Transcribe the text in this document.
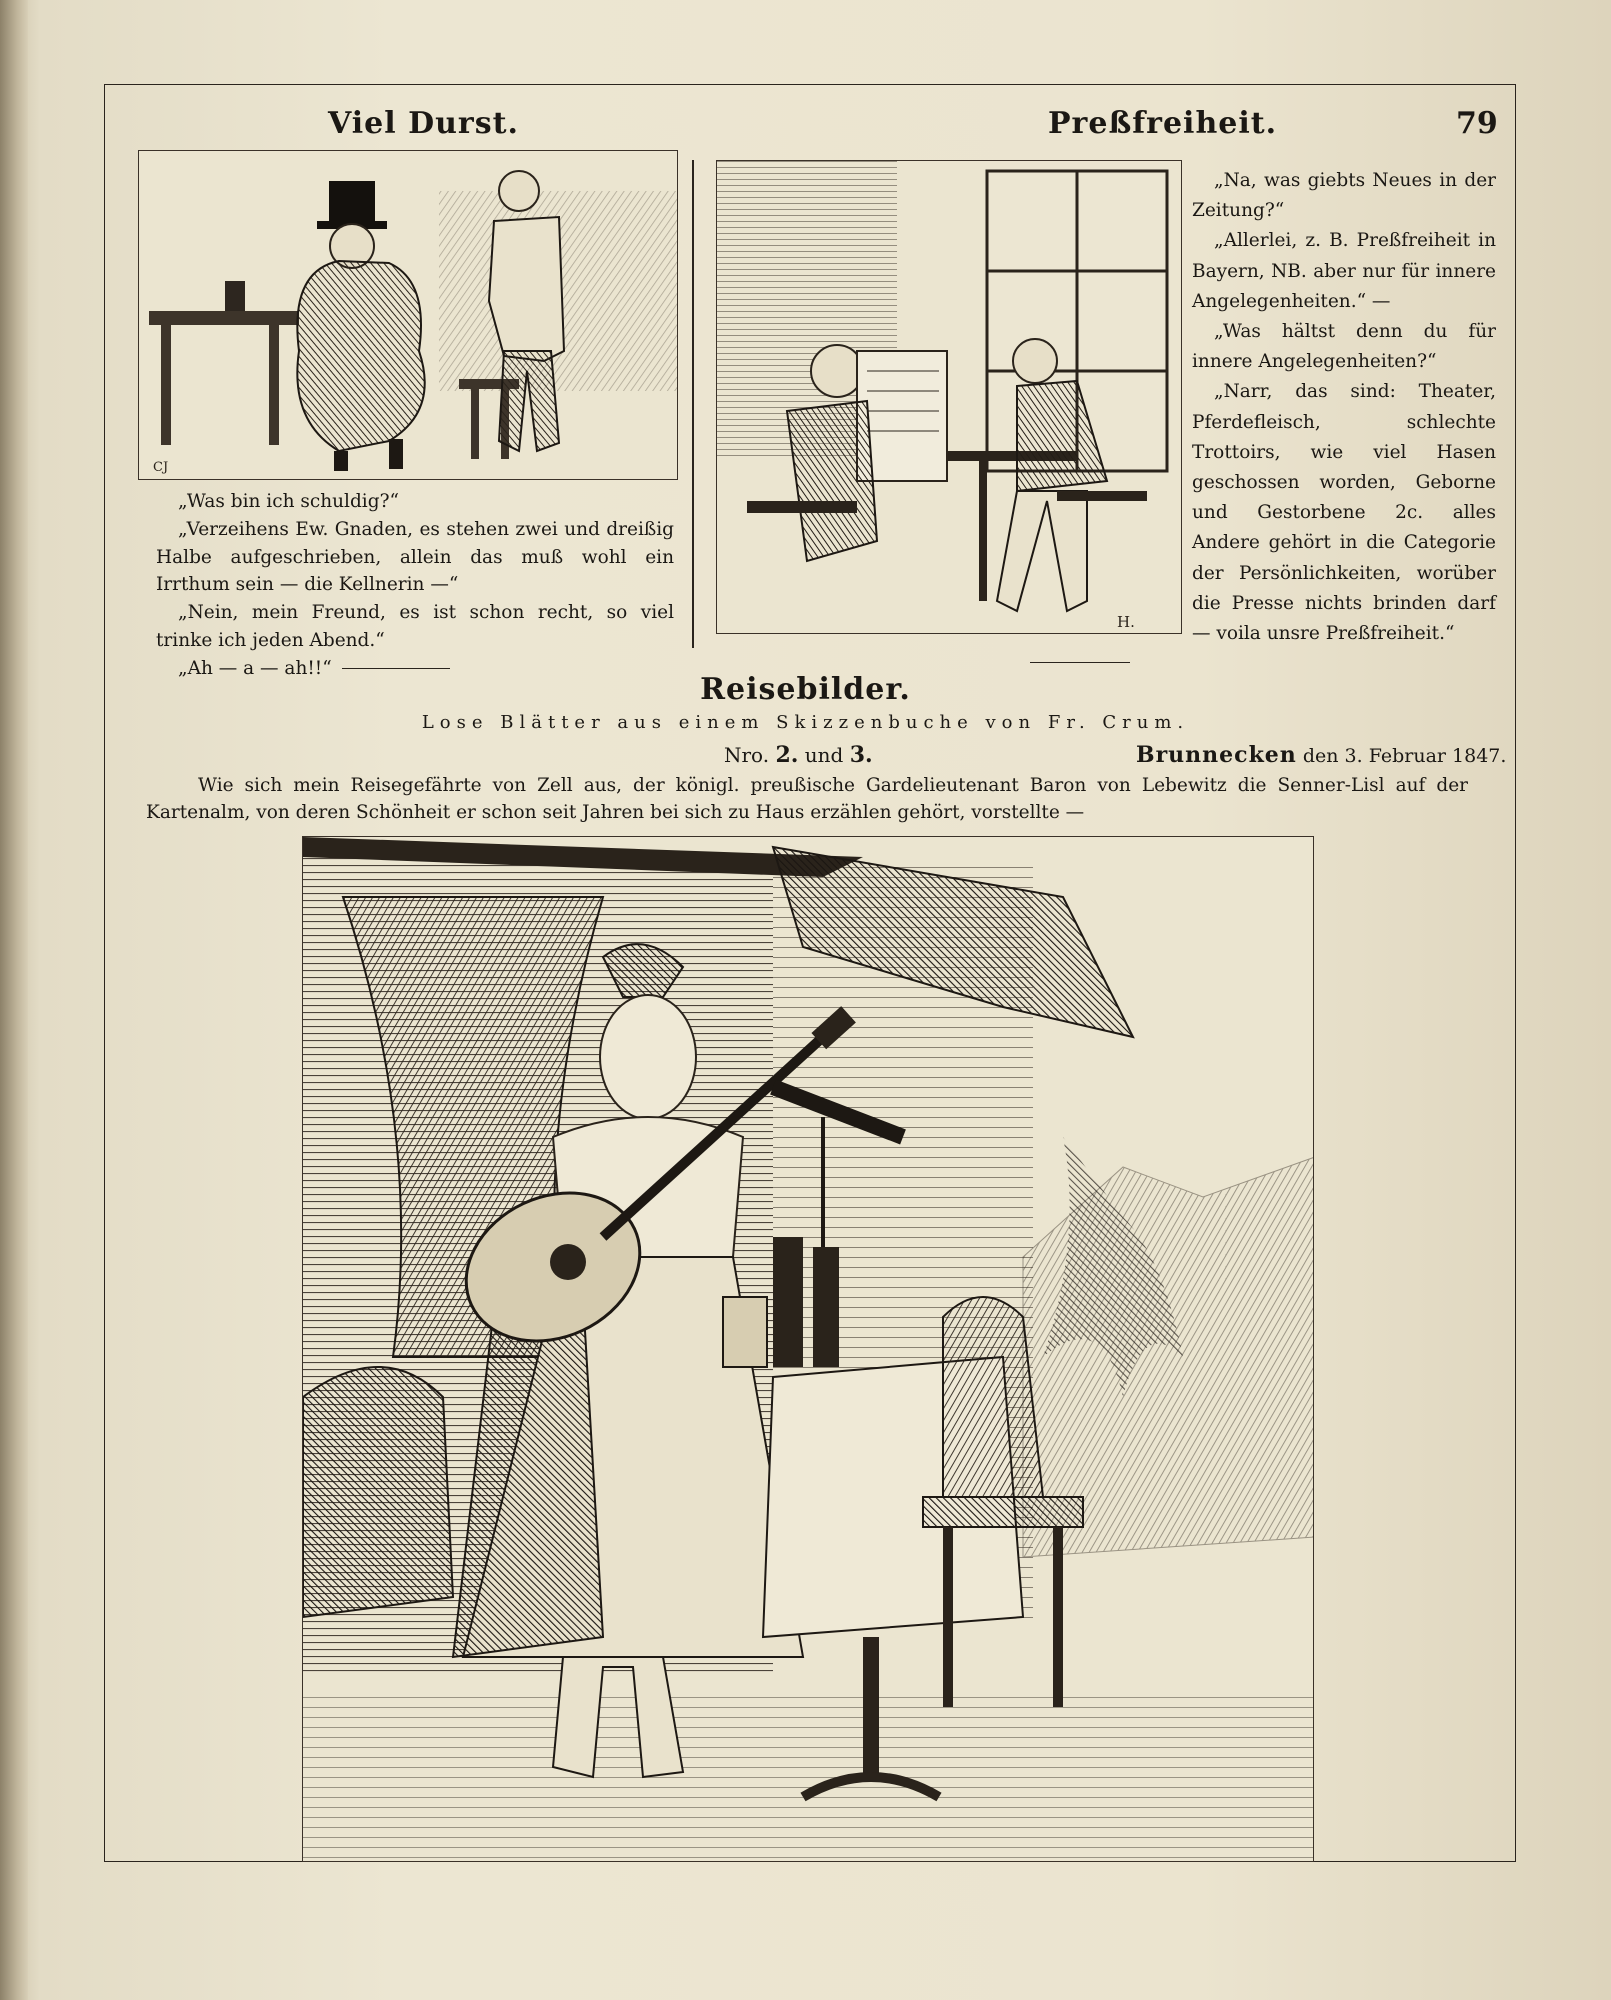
Viel Durst.	Preßfreiheit.	79
CJ

„Was bin ich schuldig?“

„Verzeihens Ew. Gnaden, es stehen zwei und dreißig Halbe aufgeschrieben, allein das muß wohl ein Irrthum sein — die Kellnerin —“

„Nein, mein Freund, es ist schon recht, so viel trinke ich jeden Abend.“

„Ah — a — ah!!“

H.

„Na, was giebts Neues in der Zeitung?“

„Allerlei, z. B. Preßfreiheit in Bayern, NB. aber nur für innere Angelegenheiten.“ —

„Was hältst denn du für innere Angelegenheiten?“

„Narr, das sind: Theater, Pferdefleisch, schlechte Trottoirs, wie viel Hasen geschossen worden, Geborne und Gestorbene 2c. alles Andere gehört in die Categorie der Persönlichkeiten, worüber die Presse nichts brinden darf — voila unsre Preßfreiheit.“

Reisebilder.
Lose Blätter aus einem Skizzenbuche von Fr. Crum.
Nro. 2. und 3.	Brunnecken den 3. Februar 1847.
Wie sich mein Reisegefährte von Zell aus, der königl. preußische Gardelieutenant Baron von Lebewitz die Senner-Lisl auf der Kartenalm, von deren Schönheit er schon seit Jahren bei sich zu Haus erzählen gehört, vorstellte —
